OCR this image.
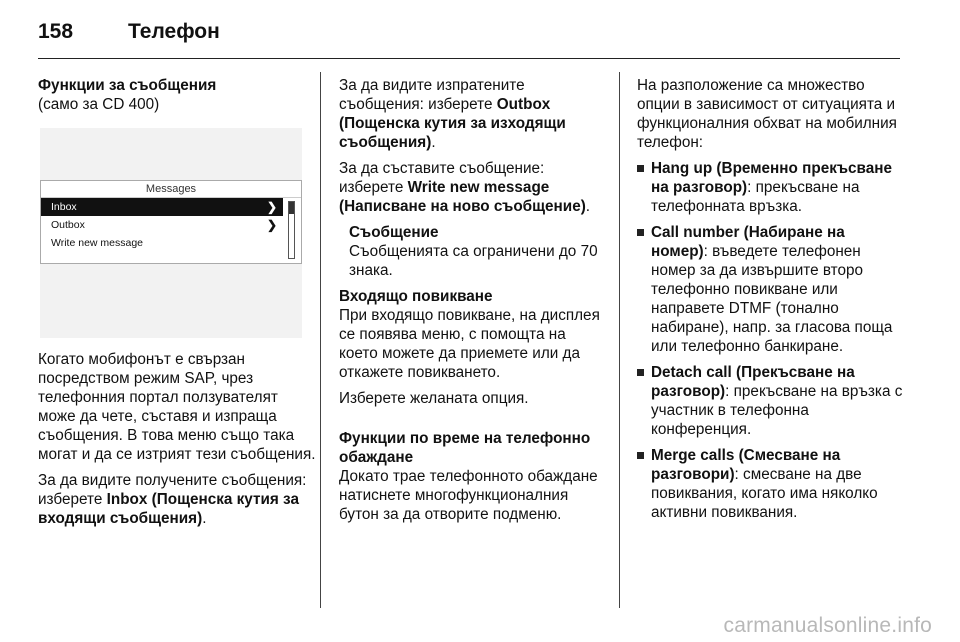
158	Телефон
Функции за съобщения

(само за CD 400)

Messages
Inbox	❯
Outbox	❯
Write new message

Когато мобифонът е свързан посредством режим SAP, чрез телефонния портал ползувателят може да чете, съставя и изпраща съобщения. В това меню също така могат и да се изтрият тези съобщения.

За да видите получените съобщения: изберете Inbox (Пощенска кутия за входящи съобщения).

За да видите изпратените съобщения: изберете Outbox (Пощенска кутия за изходящи съобщения).

За да съставите съобщение: изберете Write new message (Написване на ново съобщение).

Съобщение
Съобщенията са ограничени до 70 знака.
Входящо повикване

При входящо повикване, на дисплея се появява меню, с помощта на което можете да приемете или да откажете повикването.

Изберете желаната опция.

Функции по време на телефонно обаждане

Докато трае телефонното обаждане натиснете многофункционалния бутон за да отворите подменю.

На разположение са множество опции в зависимост от ситуацията и функционалния обхват на мобилния телефон:

Hang up (Временно прекъсване на разговор): прекъсване на телефонната връзка.
Call number (Набиране на номер): въведете телефонен номер за да извършите второ телефонно повикване или направете DTMF (тонално набиране), напр. за гласова поща или телефонно банкиране.
Detach call (Прекъсване на разговор): прекъсване на връзка с участник в телефонна конференция.
Merge calls (Смесване на разговори): смесване на две повиквания, когато има няколко активни повиквания.
carmanualsonline.info
